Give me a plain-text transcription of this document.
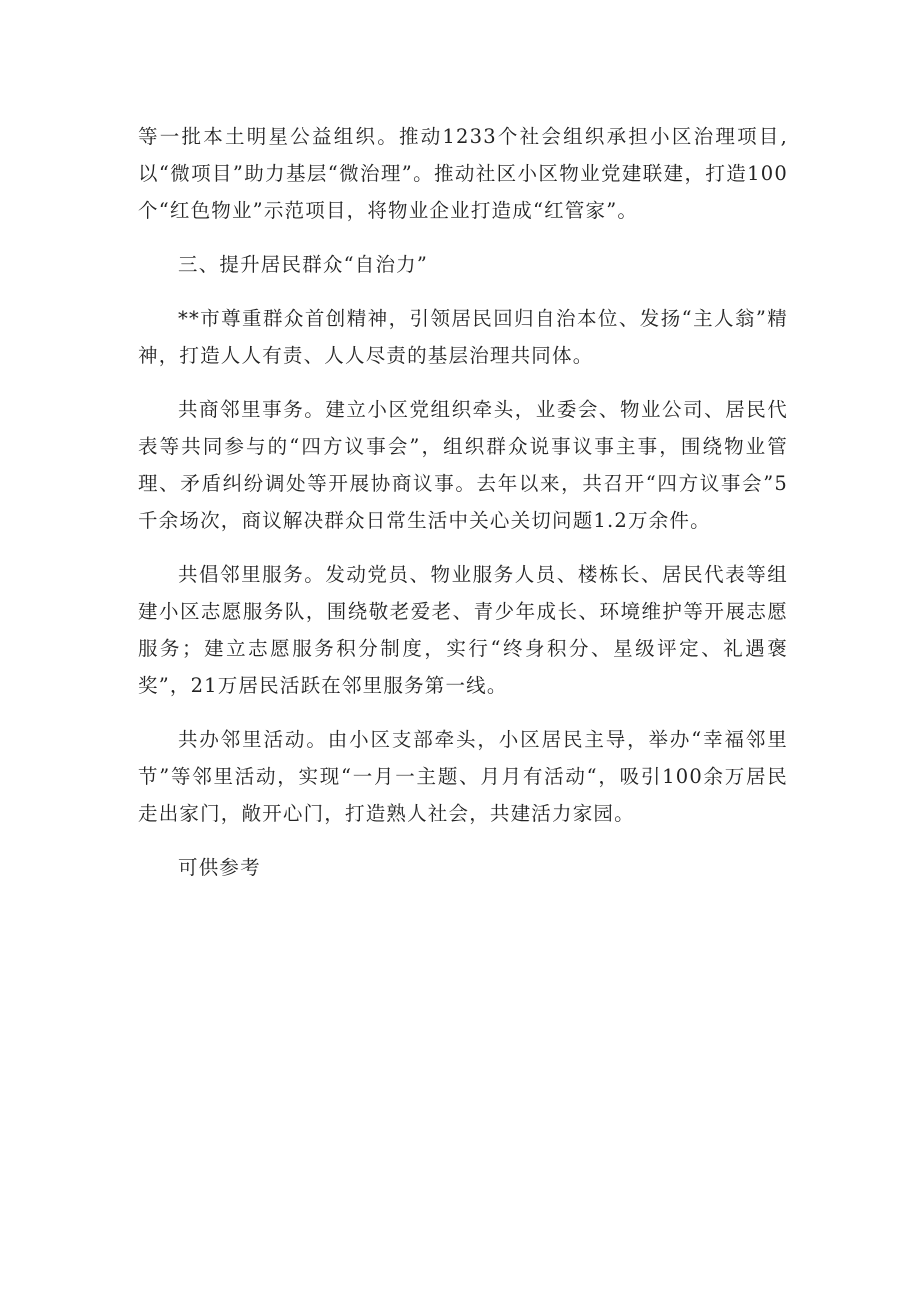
等一批本土明星公益组织。推动1233个社会组织承担小区治理项目,以“微项目”助力基层“微治理”。推动社区小区物业党建联建，打造100个“红色物业”示范项目，将物业企业打造成“红管家”。

三、提升居民群众“自治力”

**市尊重群众首创精神，引领居民回归自治本位、发扬“主人翁”精神，打造人人有责、人人尽责的基层治理共同体。

共商邻里事务。建立小区党组织牵头，业委会、物业公司、居民代表等共同参与的“四方议事会”，组织群众说事议事主事，围绕物业管理、矛盾纠纷调处等开展协商议事。去年以来，共召开“四方议事会”5千余场次，商议解决群众日常生活中关心关切问题1.2万余件。

共倡邻里服务。发动党员、物业服务人员、楼栋长、居民代表等组建小区志愿服务队，围绕敬老爱老、青少年成长、环境维护等开展志愿服务；建立志愿服务积分制度，实行“终身积分、星级评定、礼遇褒奖”，21万居民活跃在邻里服务第一线。

共办邻里活动。由小区支部牵头，小区居民主导，举办“幸福邻里节”等邻里活动，实现“一月一主题、月月有活动“，吸引100余万居民走出家门，敞开心门，打造熟人社会，共建活力家园。

可供参考
